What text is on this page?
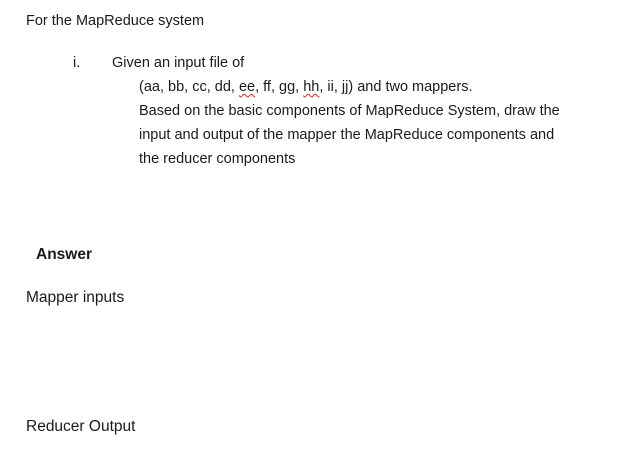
For the MapReduce system
i. Given an input file of
(aa, bb, cc, dd, ee, ff, gg, hh, ii, jj) and two mappers.
Based on the basic components of MapReduce System, draw the
input and output of the mapper the MapReduce components and
the reducer components
Answer
Mapper inputs
Reducer Output
